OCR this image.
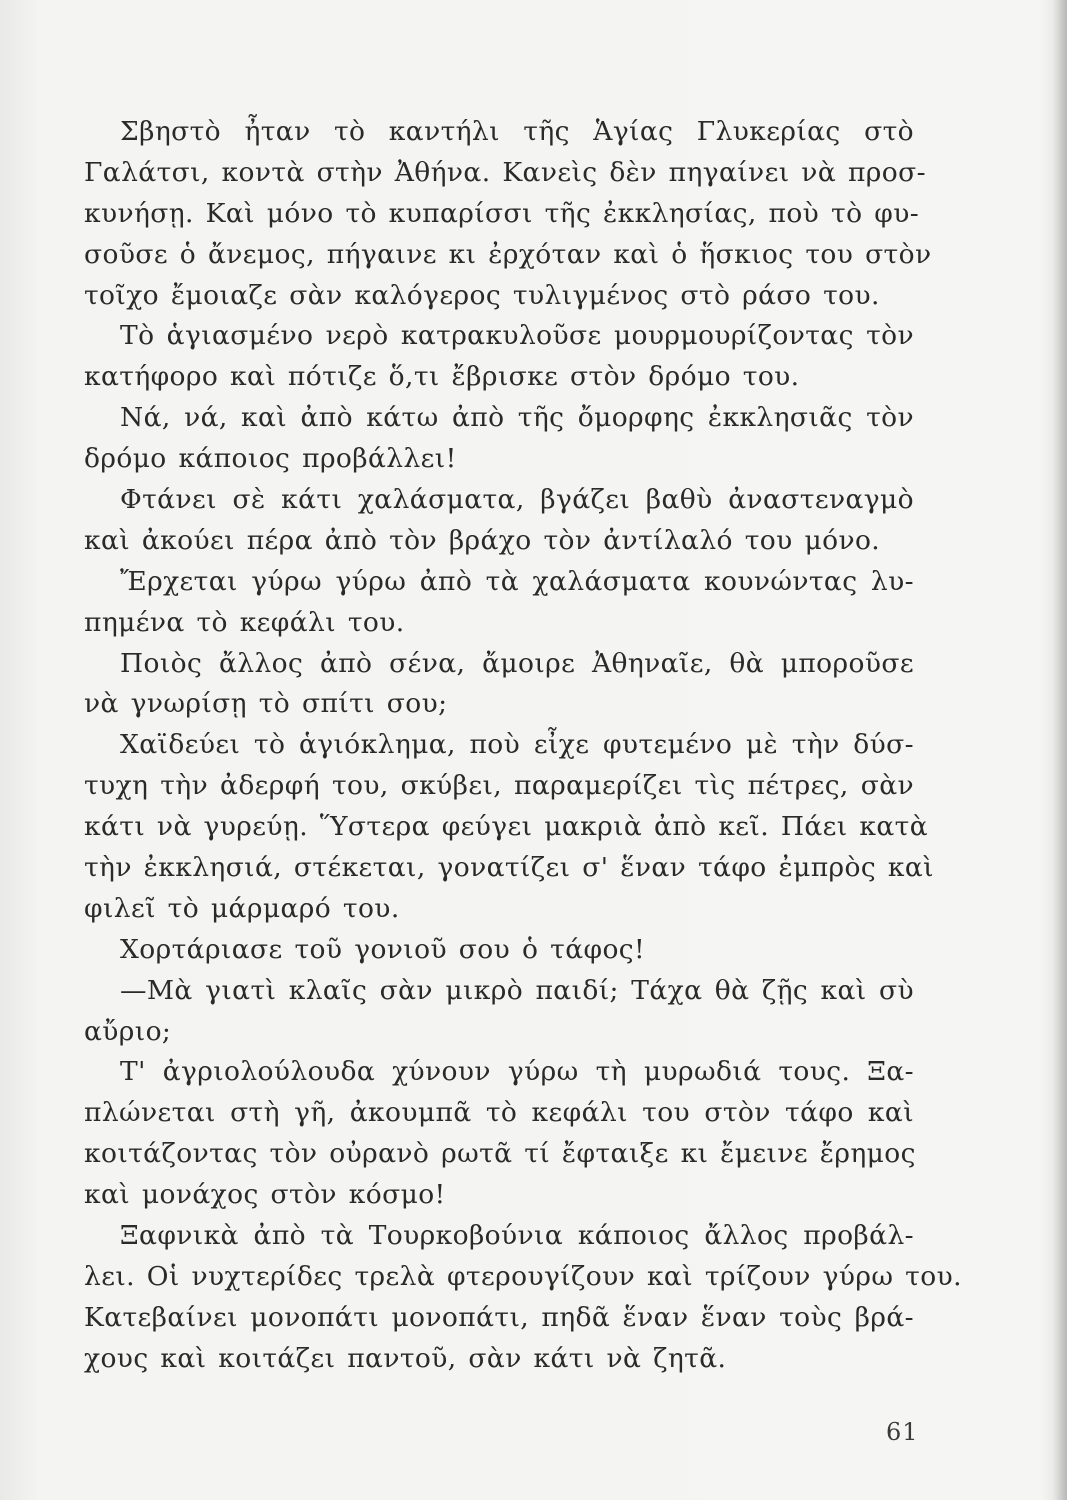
Σβηστὸ ἦταν τὸ καντήλι τῆς Ἁγίας Γλυκερίας στὸ
Γαλάτσι, κοντὰ στὴν Ἀθήνα. Κανεὶς δὲν πηγαίνει νὰ προσ-
κυνήσῃ. Καὶ μόνο τὸ κυπαρίσσι τῆς ἐκκλησίας, ποὺ τὸ φυ-
σοῦσε ὁ ἄνεμος, πήγαινε κι ἐρχόταν καὶ ὁ ἥσκιος του στὸν
τοῖχο ἔμοιαζε σὰν καλόγερος τυλιγμένος στὸ ράσο του.
Τὸ ἁγιασμένο νερὸ κατρακυλοῦσε μουρμουρίζοντας τὸν
κατήφορο καὶ πότιζε ὅ,τι ἔβρισκε στὸν δρόμο του.
Νά, νά, καὶ ἀπὸ κάτω ἀπὸ τῆς ὄμορφης ἐκκλησιᾶς τὸν
δρόμο κάποιος προβάλλει!
Φτάνει σὲ κάτι χαλάσματα, βγάζει βαθὺ ἀναστεναγμὸ
καὶ ἀκούει πέρα ἀπὸ τὸν βράχο τὸν ἀντίλαλό του μόνο.
Ἔρχεται γύρω γύρω ἀπὸ τὰ χαλάσματα κουνώντας λυ-
πημένα τὸ κεφάλι του.
Ποιὸς ἄλλος ἀπὸ σένα, ἄμοιρε Ἀθηναῖε, θὰ μποροῦσε
νὰ γνωρίσῃ τὸ σπίτι σου;
Χαϊδεύει τὸ ἁγιόκλημα, ποὺ εἶχε φυτεμένο μὲ τὴν δύσ-
τυχη τὴν ἀδερφή του, σκύβει, παραμερίζει τὶς πέτρες, σὰν
κάτι νὰ γυρεύῃ. Ὕστερα φεύγει μακριὰ ἀπὸ κεῖ. Πάει κατὰ
τὴν ἐκκλησιά, στέκεται, γονατίζει σ' ἕναν τάφο ἐμπρὸς καὶ
φιλεῖ τὸ μάρμαρό του.
Χορτάριασε τοῦ γονιοῦ σου ὁ τάφος!
—Μὰ γιατὶ κλαῖς σὰν μικρὸ παιδί; Τάχα θὰ ζῇς καὶ σὺ
αὔριο;
Τ' ἀγριολούλουδα χύνουν γύρω τὴ μυρωδιά τους. Ξα-
πλώνεται στὴ γῆ, ἀκουμπᾶ τὸ κεφάλι του στὸν τάφο καὶ
κοιτάζοντας τὸν οὐρανὸ ρωτᾶ τί ἔφταιξε κι ἔμεινε ἔρημος
καὶ μονάχος στὸν κόσμο!
Ξαφνικὰ ἀπὸ τὰ Τουρκοβούνια κάποιος ἄλλος προβάλ-
λει. Οἱ νυχτερίδες τρελὰ φτερουγίζουν καὶ τρίζουν γύρω του.
Κατεβαίνει μονοπάτι μονοπάτι, πηδᾶ ἕναν ἕναν τοὺς βρά-
χους καὶ κοιτάζει παντοῦ, σὰν κάτι νὰ ζητᾶ.
61
